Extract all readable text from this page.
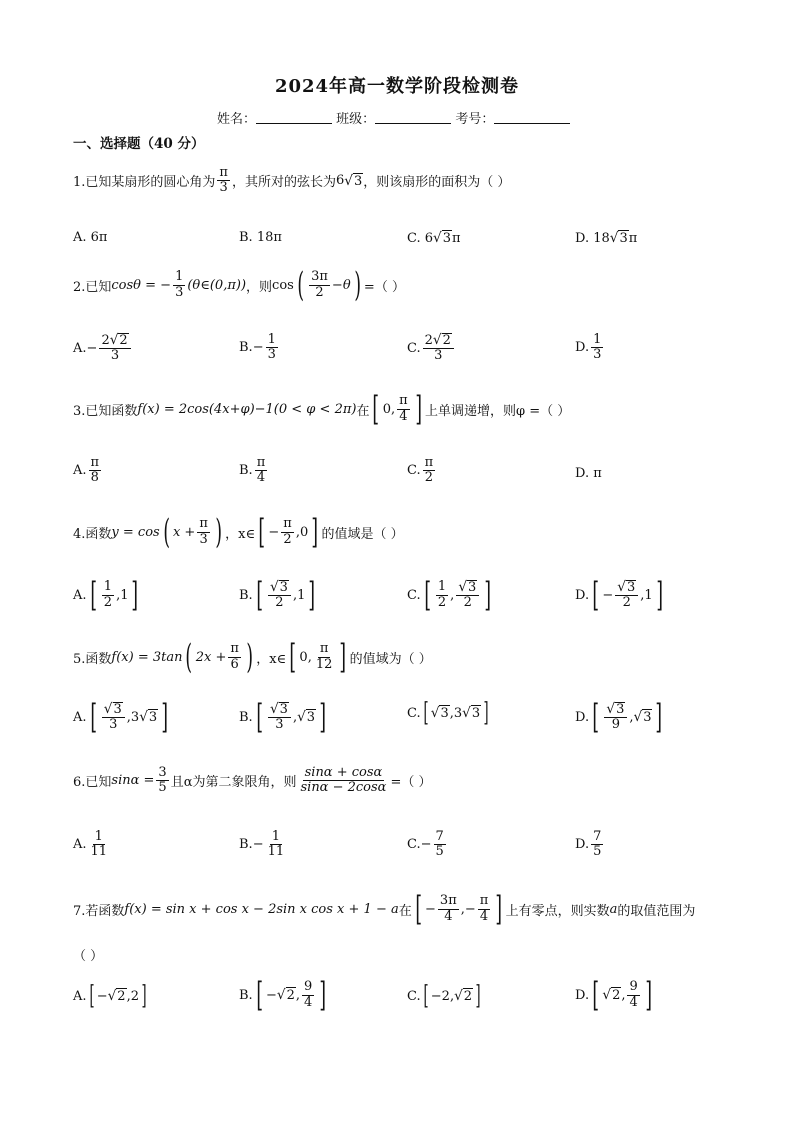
2024年高一数学阶段检测卷
姓名：	班级：	考号：
一、选择题（40 分）
1.已知某扇形的圆心角为 $\frac{\pi}{3}$ ，其所对的弦长为 6 √ 3 ，则该扇形的面积为（ ）
A. 6π	B. 18π	C. 6 √ 3 π	D. 18 √ 3 π
2.已知 cosθ = − $\frac{1}{3}$ (θ∈(0,π)) ，则 cos ( $\frac{3\pi}{2} -\theta$ ) =（ ）
A. − $\frac{2 √ 2}{3}$	B. − $\frac{1}{3}$	C. $\frac{2 √ 2}{3}$	D. $\frac{1}{3}$
3.已知函数 f(x) = 2cos(4x+φ)−1(0 < φ < 2π) 在 [ 0, $\frac{\pi}{4}$ ] 上单调递增，则φ =（ ）
A. $\frac{\pi}{8}$	B. $\frac{\pi}{4}$	C. $\frac{\pi}{2}$	D. π
4.函数 y = cos ( $x + \frac{\pi}{3}$ ) ，x∈ [ − $\frac{\pi}{2} ,0$ ] 的值域是（ ）
A. [ $\frac{1}{2} ,1$ ]	B. [ $\frac{√ 3}{2} ,1$ ]	C. [ $\frac{1}{2}$ , $\frac{√ 3}{2}$ ]	D. [ − $\frac{√ 3}{2} ,1$ ]
5.函数 f(x) = 3tan ( $2x + \frac{\pi}{6}$ ) ，x∈ [ 0, $\frac{\pi}{12}$ ] 的值域为（ ）
A. [ $\frac{√ 3}{3} ,3$ √ 3 ]	B. [ $\frac{√ 3}{3}$ , √ 3 ]	C. [ √ 3 ,3 √ 3 ]	D. [ $\frac{√ 3}{9}$ , √ 3 ]
6.已知 $\sin\alpha = \frac{3}{5}$ 且α为第二象限角，则 $\frac{\sin\alpha + \cos\alpha}{\sin\alpha - 2\cos\alpha}$ =（ ）
A. $\frac{1}{11}$	B. − $\frac{1}{11}$	C. − $\frac{7}{5}$	D. $\frac{7}{5}$
7.若函数 f(x) = sin x + cos x − 2sin x cos x + 1 − a 在 [ − $\frac{3\pi}{4}$ ,− $\frac{\pi}{4}$ ] 上有零点，则实数 a 的取值范围为
（ ）
A. [ − √ 2 ,2 ]	B. [ − √ 2 , $\frac{9}{4}$ ]	C. [ −2, √ 2 ]	D. [ √ 2 , $\frac{9}{4}$ ]
